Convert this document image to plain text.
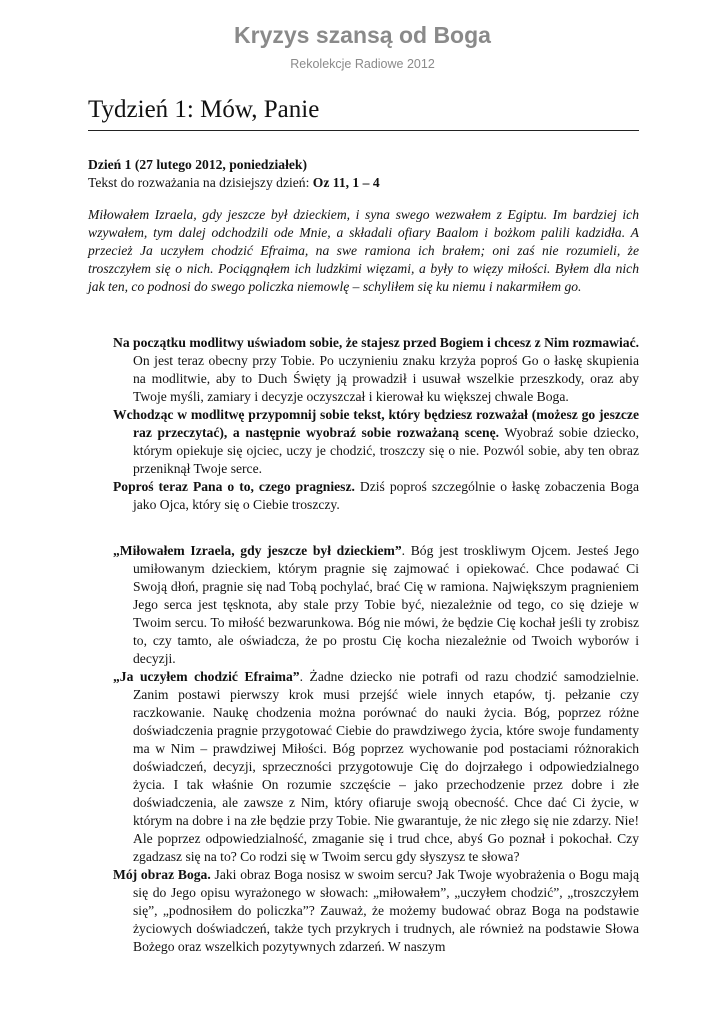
Kryzys szansą od Boga
Rekolekcje Radiowe 2012
Tydzień 1: Mów, Panie
Dzień 1 (27 lutego 2012, poniedziałek)
Tekst do rozważania na dzisiejszy dzień: Oz 11, 1 – 4
Miłowałem Izraela, gdy jeszcze był dzieckiem, i syna swego wezwałem z Egiptu. Im bardziej ich wzywałem, tym dalej odchodzili ode Mnie, a składali ofiary Baalom i bożkom palili kadzidła. A przecież Ja uczyłem chodzić Efraima, na swe ramiona ich brałem; oni zaś nie rozumieli, że troszczyłem się o nich. Pociągnąłem ich ludzkimi więzami, a były to więzy miłości. Byłem dla nich jak ten, co podnosi do swego policzka niemowlę – schyliłem się ku niemu i nakarmiłem go.

Na początku modlitwy uświadom sobie, że stajesz przed Bogiem i chcesz z Nim rozmawiać. On jest teraz obecny przy Tobie. Po uczynieniu znaku krzyża poproś Go o łaskę skupienia na modlitwie, aby to Duch Święty ją prowadził i usuwał wszelkie przeszkody, oraz aby Twoje myśli, zamiary i decyzje oczyszczał i kierował ku większej chwale Boga.

Wchodząc w modlitwę przypomnij sobie tekst, który będziesz rozważał (możesz go jeszcze raz przeczytać), a następnie wyobraź sobie rozważaną scenę. Wyobraź sobie dziecko, którym opiekuje się ojciec, uczy je chodzić, troszczy się o nie. Pozwól sobie, aby ten obraz przeniknął Twoje serce.

Poproś teraz Pana o to, czego pragniesz. Dziś poproś szczególnie o łaskę zobaczenia Boga jako Ojca, który się o Ciebie troszczy.

„Miłowałem Izraela, gdy jeszcze był dzieckiem”. Bóg jest troskliwym Ojcem. Jesteś Jego umiłowanym dzieckiem, którym pragnie się zajmować i opiekować. Chce podawać Ci Swoją dłoń, pragnie się nad Tobą pochylać, brać Cię w ramiona. Największym pragnieniem Jego serca jest tęsknota, aby stale przy Tobie być, niezależnie od tego, co się dzieje w Twoim sercu. To miłość bezwarunkowa. Bóg nie mówi, że będzie Cię kochał jeśli ty zrobisz to, czy tamto, ale oświadcza, że po prostu Cię kocha niezależnie od Twoich wyborów i decyzji.

„Ja uczyłem chodzić Efraima”. Żadne dziecko nie potrafi od razu chodzić samodzielnie. Zanim postawi pierwszy krok musi przejść wiele innych etapów, tj. pełzanie czy raczkowanie. Naukę chodzenia można porównać do nauki życia. Bóg, poprzez różne doświadczenia pragnie przygotować Ciebie do prawdziwego życia, które swoje fundamenty ma w Nim – prawdziwej Miłości. Bóg poprzez wychowanie pod postaciami różnorakich doświadczeń, decyzji, sprzeczności przygotowuje Cię do dojrzałego i odpowiedzialnego życia. I tak właśnie On rozumie szczęście – jako przechodzenie przez dobre i złe doświadczenia, ale zawsze z Nim, który ofiaruje swoją obecność. Chce dać Ci życie, w którym na dobre i na złe będzie przy Tobie. Nie gwarantuje, że nic złego się nie zdarzy. Nie! Ale poprzez odpowiedzialność, zmaganie się i trud chce, abyś Go poznał i pokochał. Czy zgadzasz się na to? Co rodzi się w Twoim sercu gdy słyszysz te słowa?

Mój obraz Boga. Jaki obraz Boga nosisz w swoim sercu? Jak Twoje wyobrażenia o Bogu mają się do Jego opisu wyrażonego w słowach: „miłowałem”, „uczyłem chodzić”, „troszczyłem się”, „podnosiłem do policzka”? Zauważ, że możemy budować obraz Boga na podstawie życiowych doświadczeń, także tych przykrych i trudnych, ale również na podstawie Słowa Bożego oraz wszelkich pozytywnych zdarzeń. W naszym
